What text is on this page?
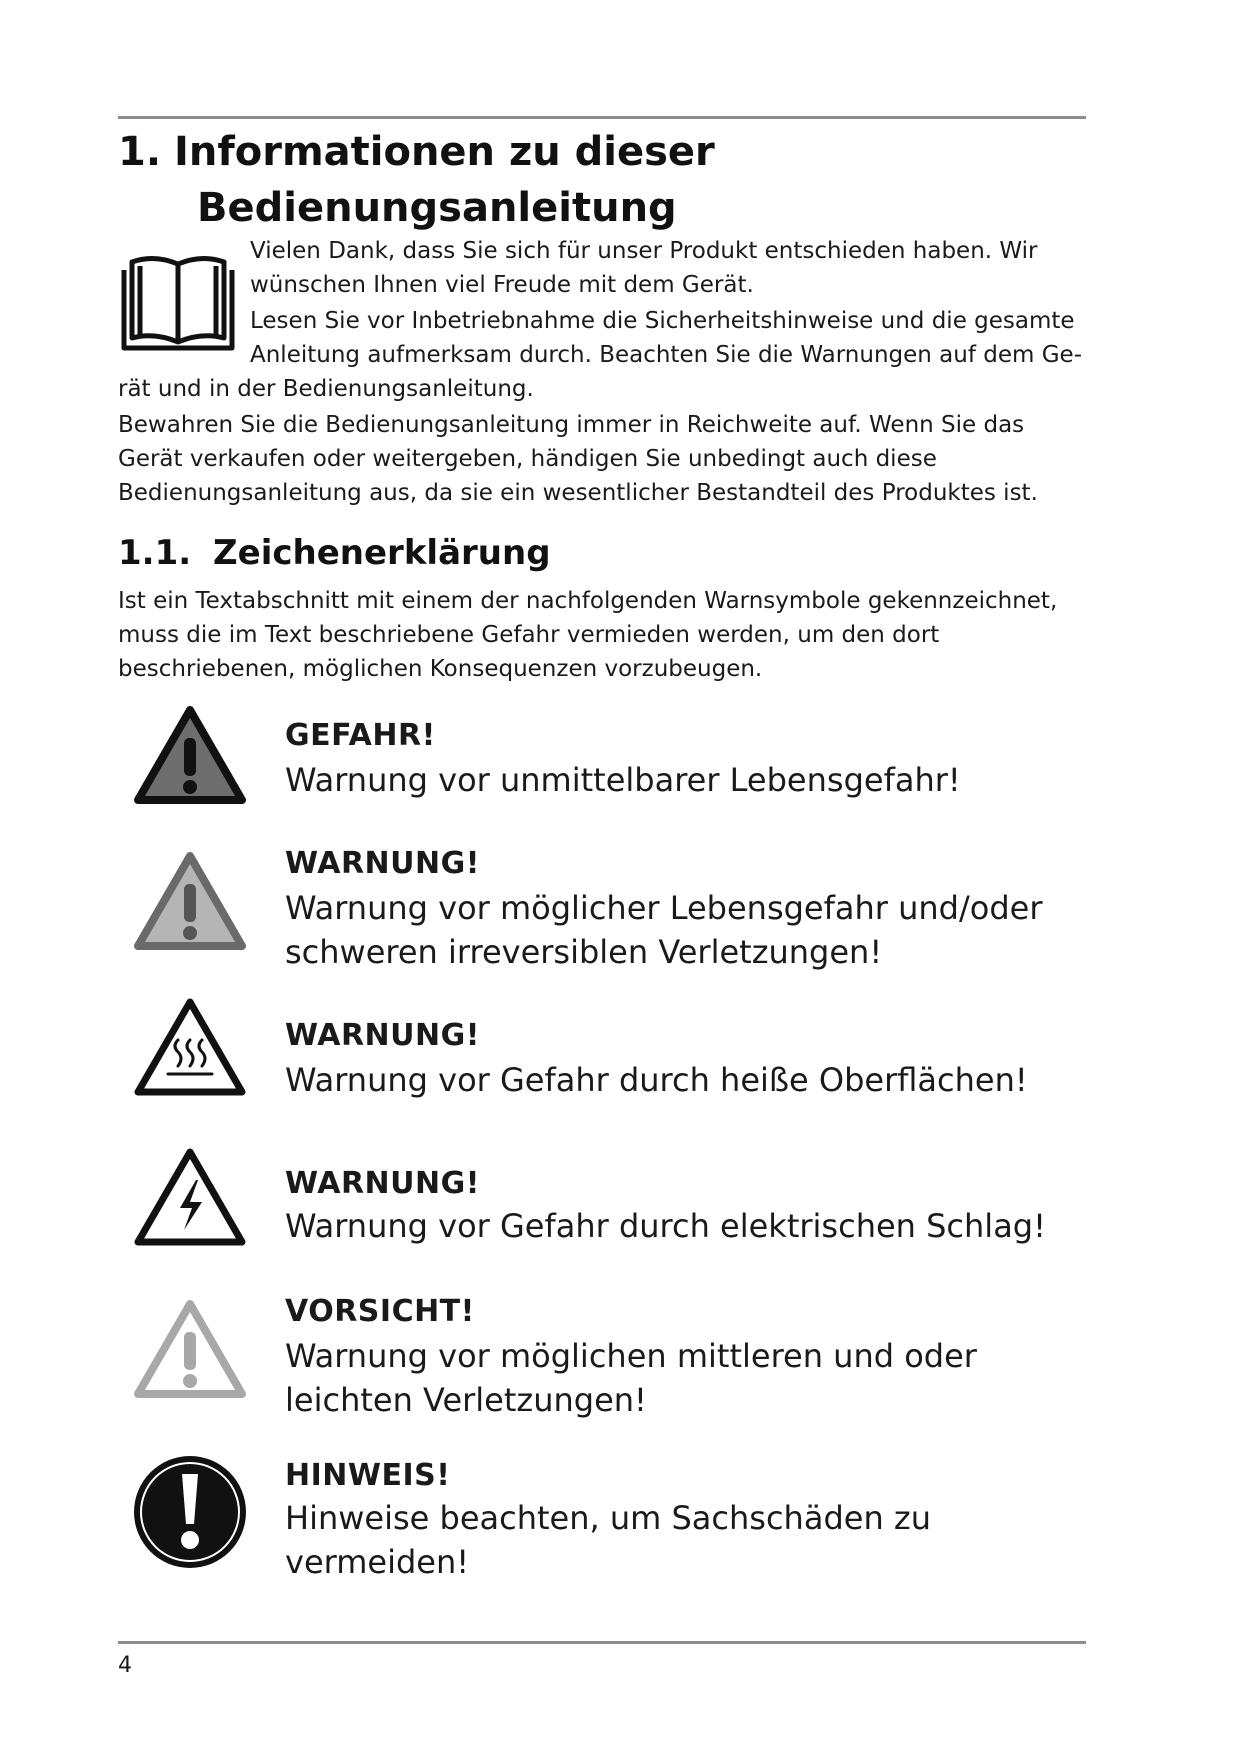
1. Informationen zu dieser
Bedienungsanleitung
Vielen Dank, dass Sie sich für unser Produkt entschieden haben. Wir wünschen Ihnen viel Freude mit dem Gerät.
Lesen Sie vor Inbetriebnahme die Sicherheitshinweise und die gesamte Anleitung aufmerksam durch. Beachten Sie die Warnungen auf dem Ge-
rät und in der Bedienungsanleitung.
Bewahren Sie die Bedienungsanleitung immer in Reichweite auf. Wenn Sie das Gerät verkaufen oder weitergeben, händigen Sie unbedingt auch diese Bedienungsanleitung aus, da sie ein wesentlicher Bestandteil des Produktes ist.
1.1. Zeichenerklärung
Ist ein Textabschnitt mit einem der nachfolgenden Warnsymbole gekennzeichnet, muss die im Text beschriebene Gefahr vermieden werden, um den dort beschriebenen, möglichen Konsequenzen vorzubeugen.
GEFAHR!
Warnung vor unmittelbarer Lebensgefahr!
WARNUNG!
Warnung vor möglicher Lebensgefahr und/oder schweren irreversiblen Verletzungen!
WARNUNG!
Warnung vor Gefahr durch heiße Oberflächen!
WARNUNG!
Warnung vor Gefahr durch elektrischen Schlag!
VORSICHT!
Warnung vor möglichen mittleren und oder leichten Verletzungen!
HINWEIS!
Hinweise beachten, um Sachschäden zu vermeiden!
4
